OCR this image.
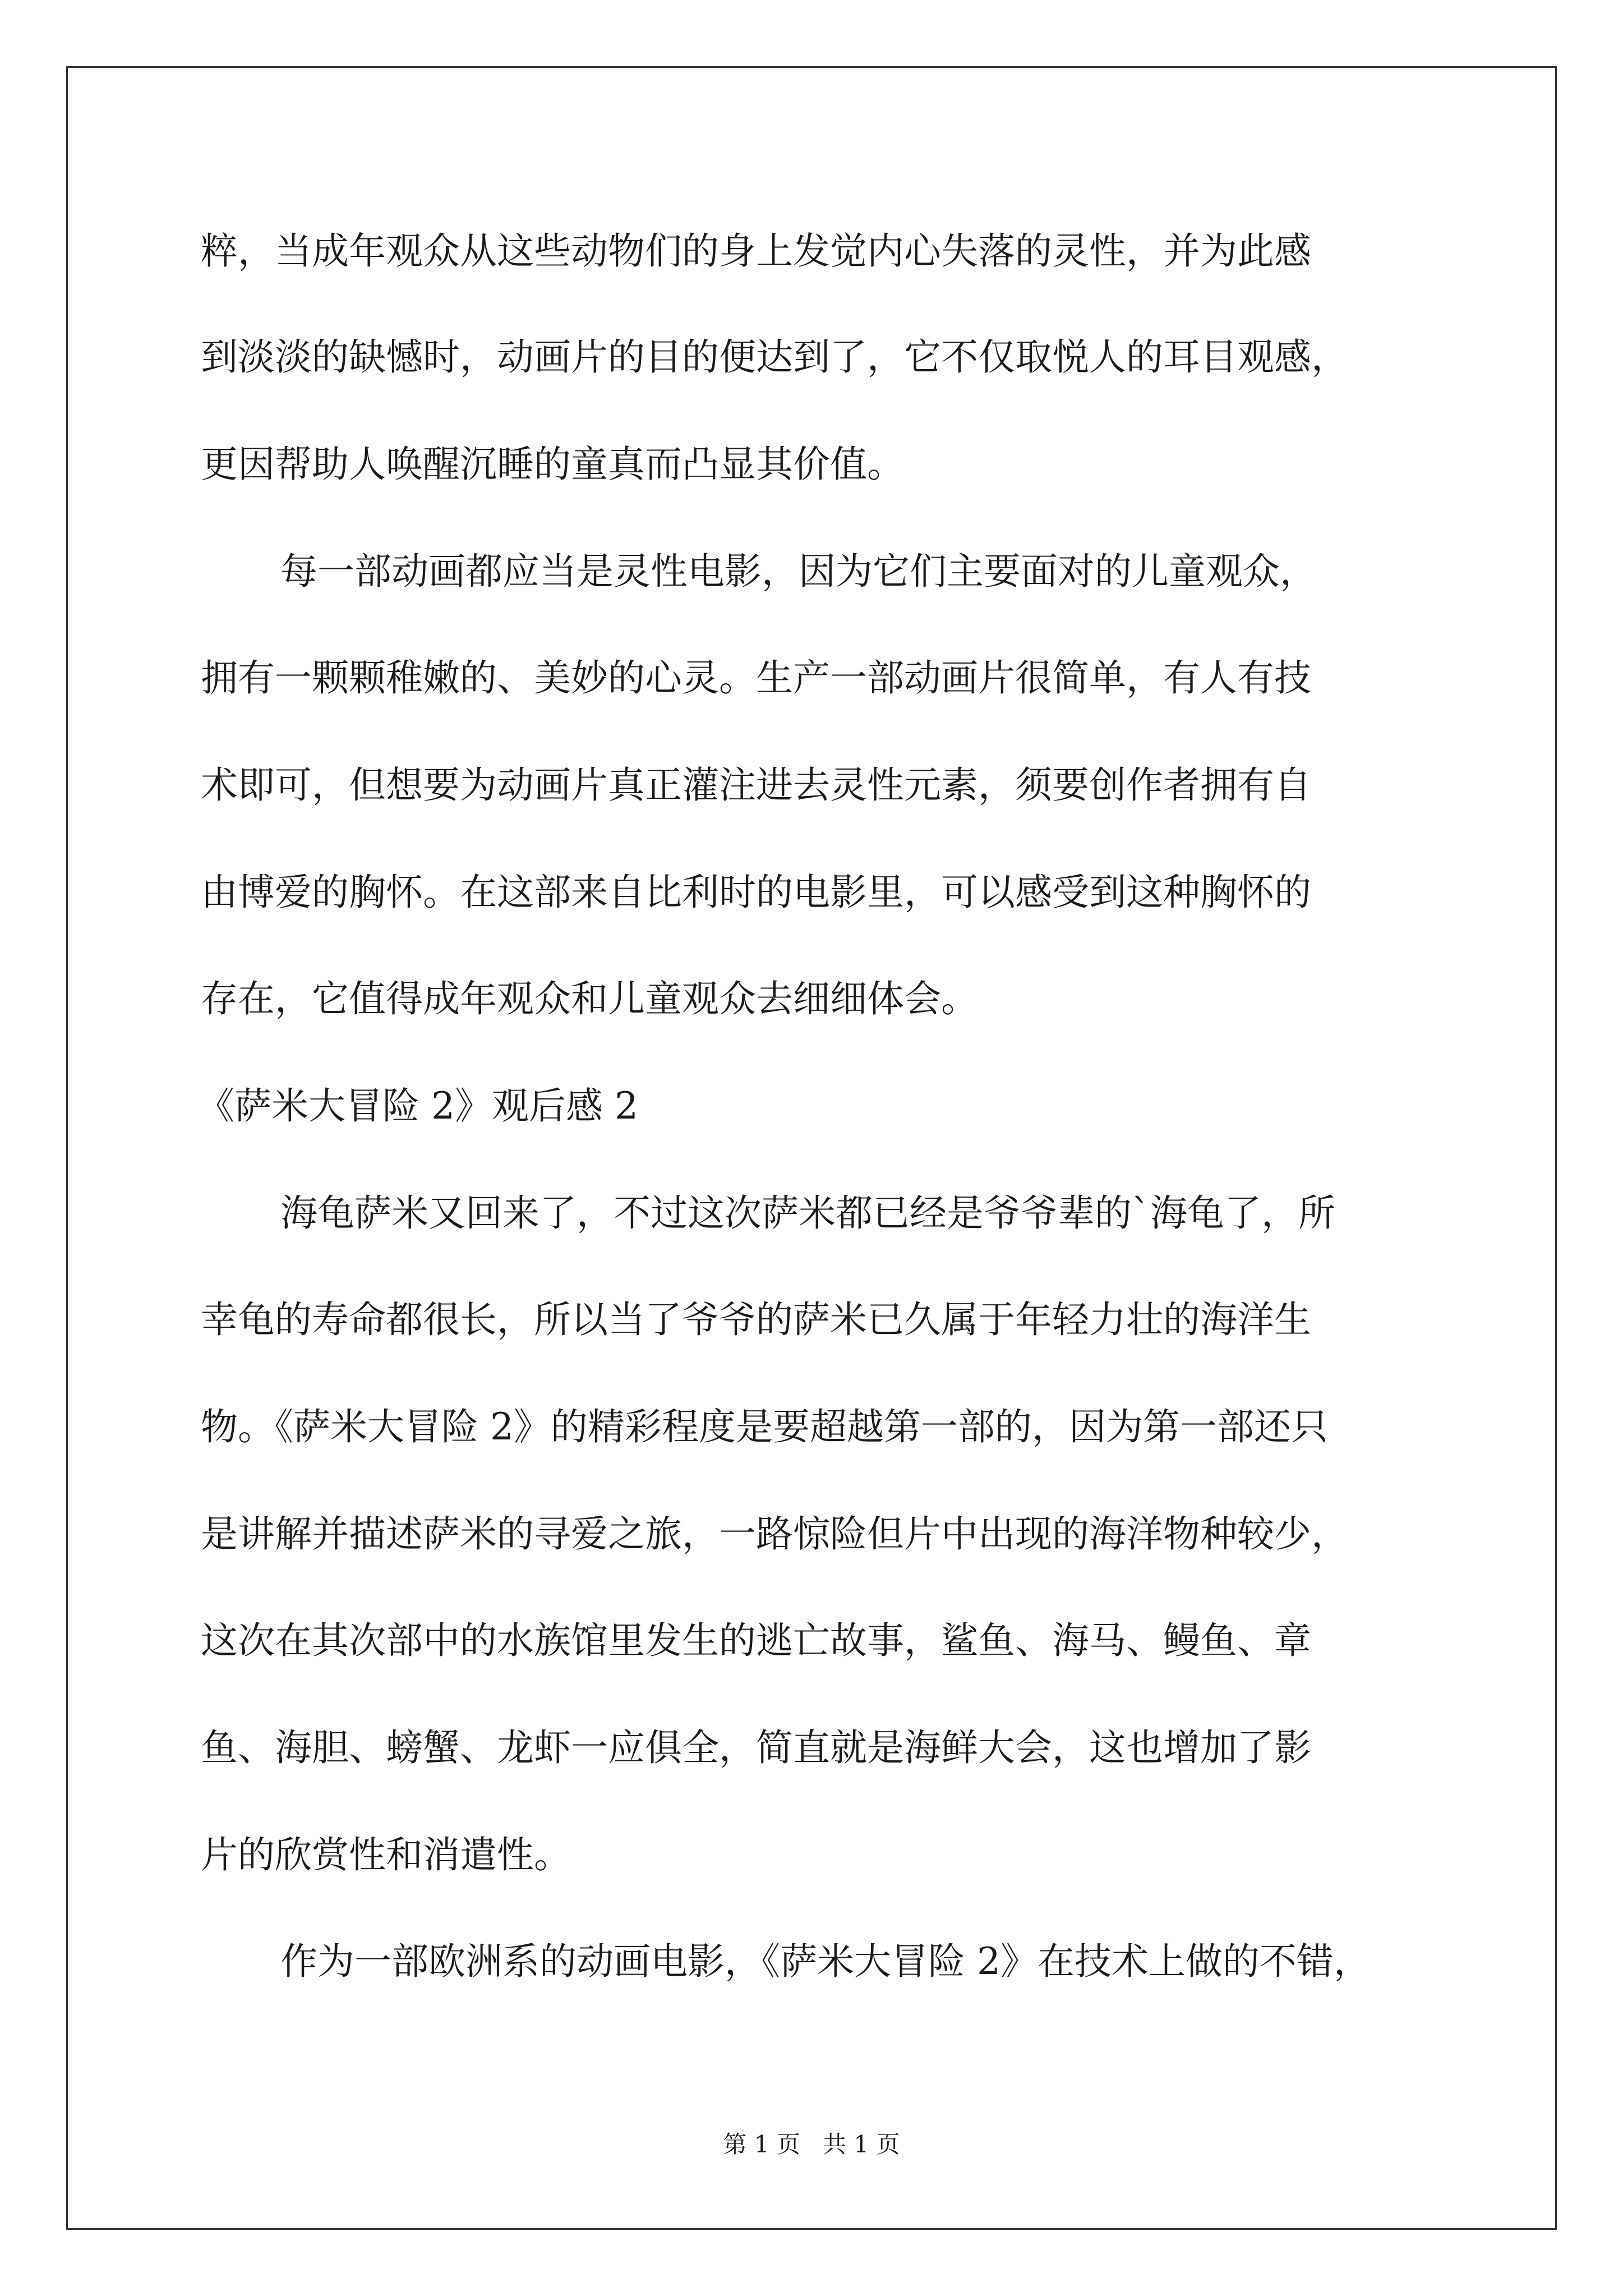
粹，当成年观众从这些动物们的身上发觉内心失落的灵性，并为此感
到淡淡的缺憾时，动画片的目的便达到了，它不仅取悦人的耳目观感，
更因帮助人唤醒沉睡的童真而凸显其价值。
每一部动画都应当是灵性电影，因为它们主要面对的儿童观众，
拥有一颗颗稚嫩的、美妙的心灵。生产一部动画片很简单，有人有技
术即可，但想要为动画片真正灌注进去灵性元素，须要创作者拥有自
由博爱的胸怀。在这部来自比利时的电影里，可以感受到这种胸怀的
存在，它值得成年观众和儿童观众去细细体会。
《萨米大冒险 2》观后感 2
海龟萨米又回来了，不过这次萨米都已经是爷爷辈的`海龟了，所
幸龟的寿命都很长，所以当了爷爷的萨米已久属于年轻力壮的海洋生
物。《萨米大冒险 2》的精彩程度是要超越第一部的，因为第一部还只
是讲解并描述萨米的寻爱之旅，一路惊险但片中出现的海洋物种较少，
这次在其次部中的水族馆里发生的逃亡故事，鲨鱼、海马、鳗鱼、章
鱼、海胆、螃蟹、龙虾一应俱全，简直就是海鲜大会，这也增加了影
片的欣赏性和消遣性。
作为一部欧洲系的动画电影，《萨米大冒险 2》在技术上做的不错，
第 1 页   共 1 页
